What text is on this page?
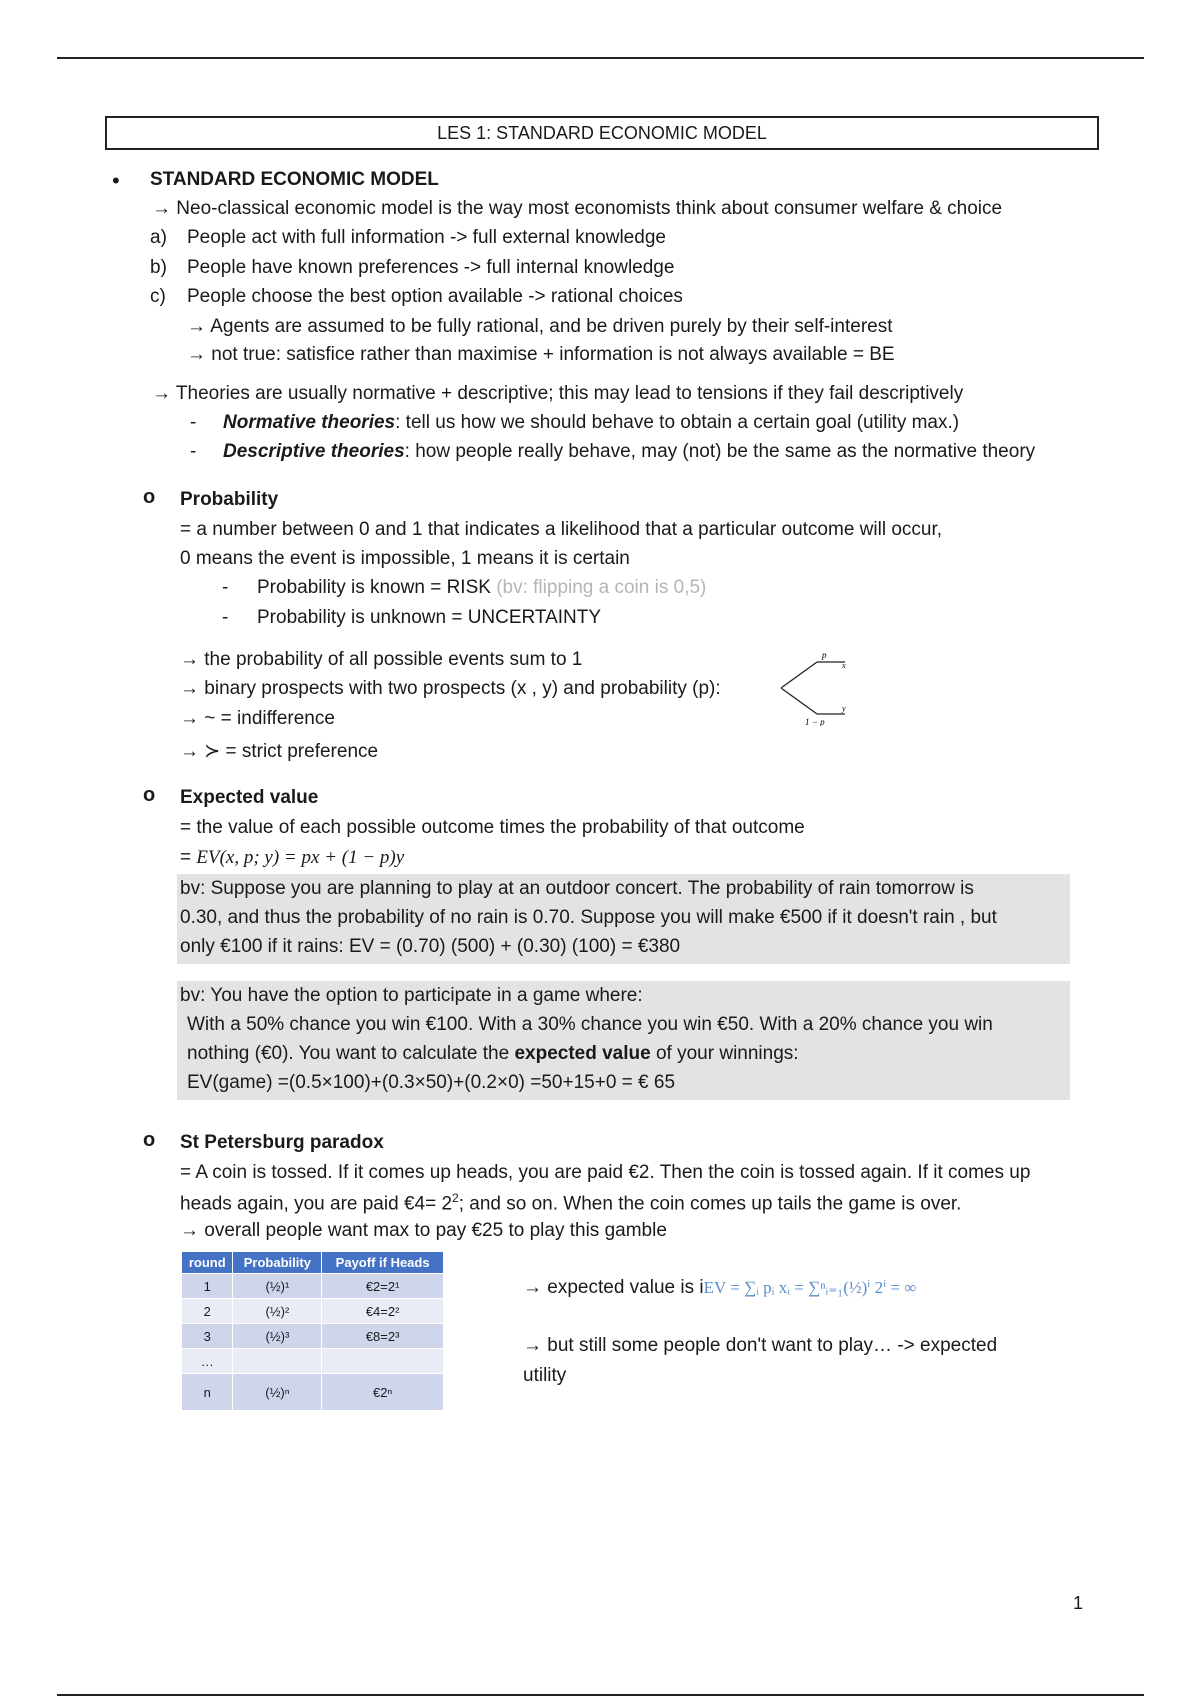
LES 1: STANDARD ECONOMIC MODEL
• STANDARD ECONOMIC MODEL
→ Neo-classical economic model is the way most economists think about consumer welfare & choice
a) People act with full information -> full external knowledge
b) People have known preferences -> full internal knowledge
c) People choose the best option available -> rational choices
→ Agents are assumed to be fully rational, and be driven purely by their self-interest
→ not true: satisfice rather than maximise + information is not always available = BE
→ Theories are usually normative + descriptive; this may lead to tensions if they fail descriptively
- Normative theories: tell us how we should behave to obtain a certain goal (utility max.)
- Descriptive theories: how people really behave, may (not) be the same as the normative theory
o Probability
= a number between 0 and 1 that indicates a likelihood that a particular outcome will occur,
0 means the event is impossible, 1 means it is certain
- Probability is known = RISK (bv: flipping a coin is 0,5)
- Probability is unknown = UNCERTAINTY
→ the probability of all possible events sum to 1
→ binary prospects with two prospects (x , y) and probability (p):
→ ~ = indifference
→ ≻ = strict preference
p
x
1 − p
y
o Expected value
= the value of each possible outcome times the probability of that outcome
= EV(x, p; y) = px + (1 − p)y
bv: Suppose you are planning to play at an outdoor concert. The probability of rain tomorrow is
0.30, and thus the probability of no rain is 0.70. Suppose you will make €500 if it doesn't rain , but
only €100 if it rains: EV = (0.70) (500) + (0.30) (100) = €380
bv: You have the option to participate in a game where:
With a 50% chance you win €100. With a 30% chance you win €50. With a 20% chance you win
nothing (€0). You want to calculate the expected value of your winnings:
EV(game) =(0.5×100)+(0.3×50)+(0.2×0) =50+15+0 = € 65
o St Petersburg paradox
= A coin is tossed. If it comes up heads, you are paid €2. Then the coin is tossed again. If it comes up
heads again, you are paid €4= $2^2$; and so on. When the coin comes up tails the game is over.
→ overall people want max to pay €25 to play this gamble
round	Probability	Payoff if Heads
1	(½)¹	€2=2¹
2	(½)²	€4=2²
3	(½)³	€8=2³
…		
n	(½)ⁿ	€2ⁿ
→ expected value is iEV = ∑ᵢ pᵢ xᵢ = ∑ⁿᵢ₌₁(½)ⁱ 2ⁱ = ∞
→ but still some people don't want to play… -> expected
utility
1
